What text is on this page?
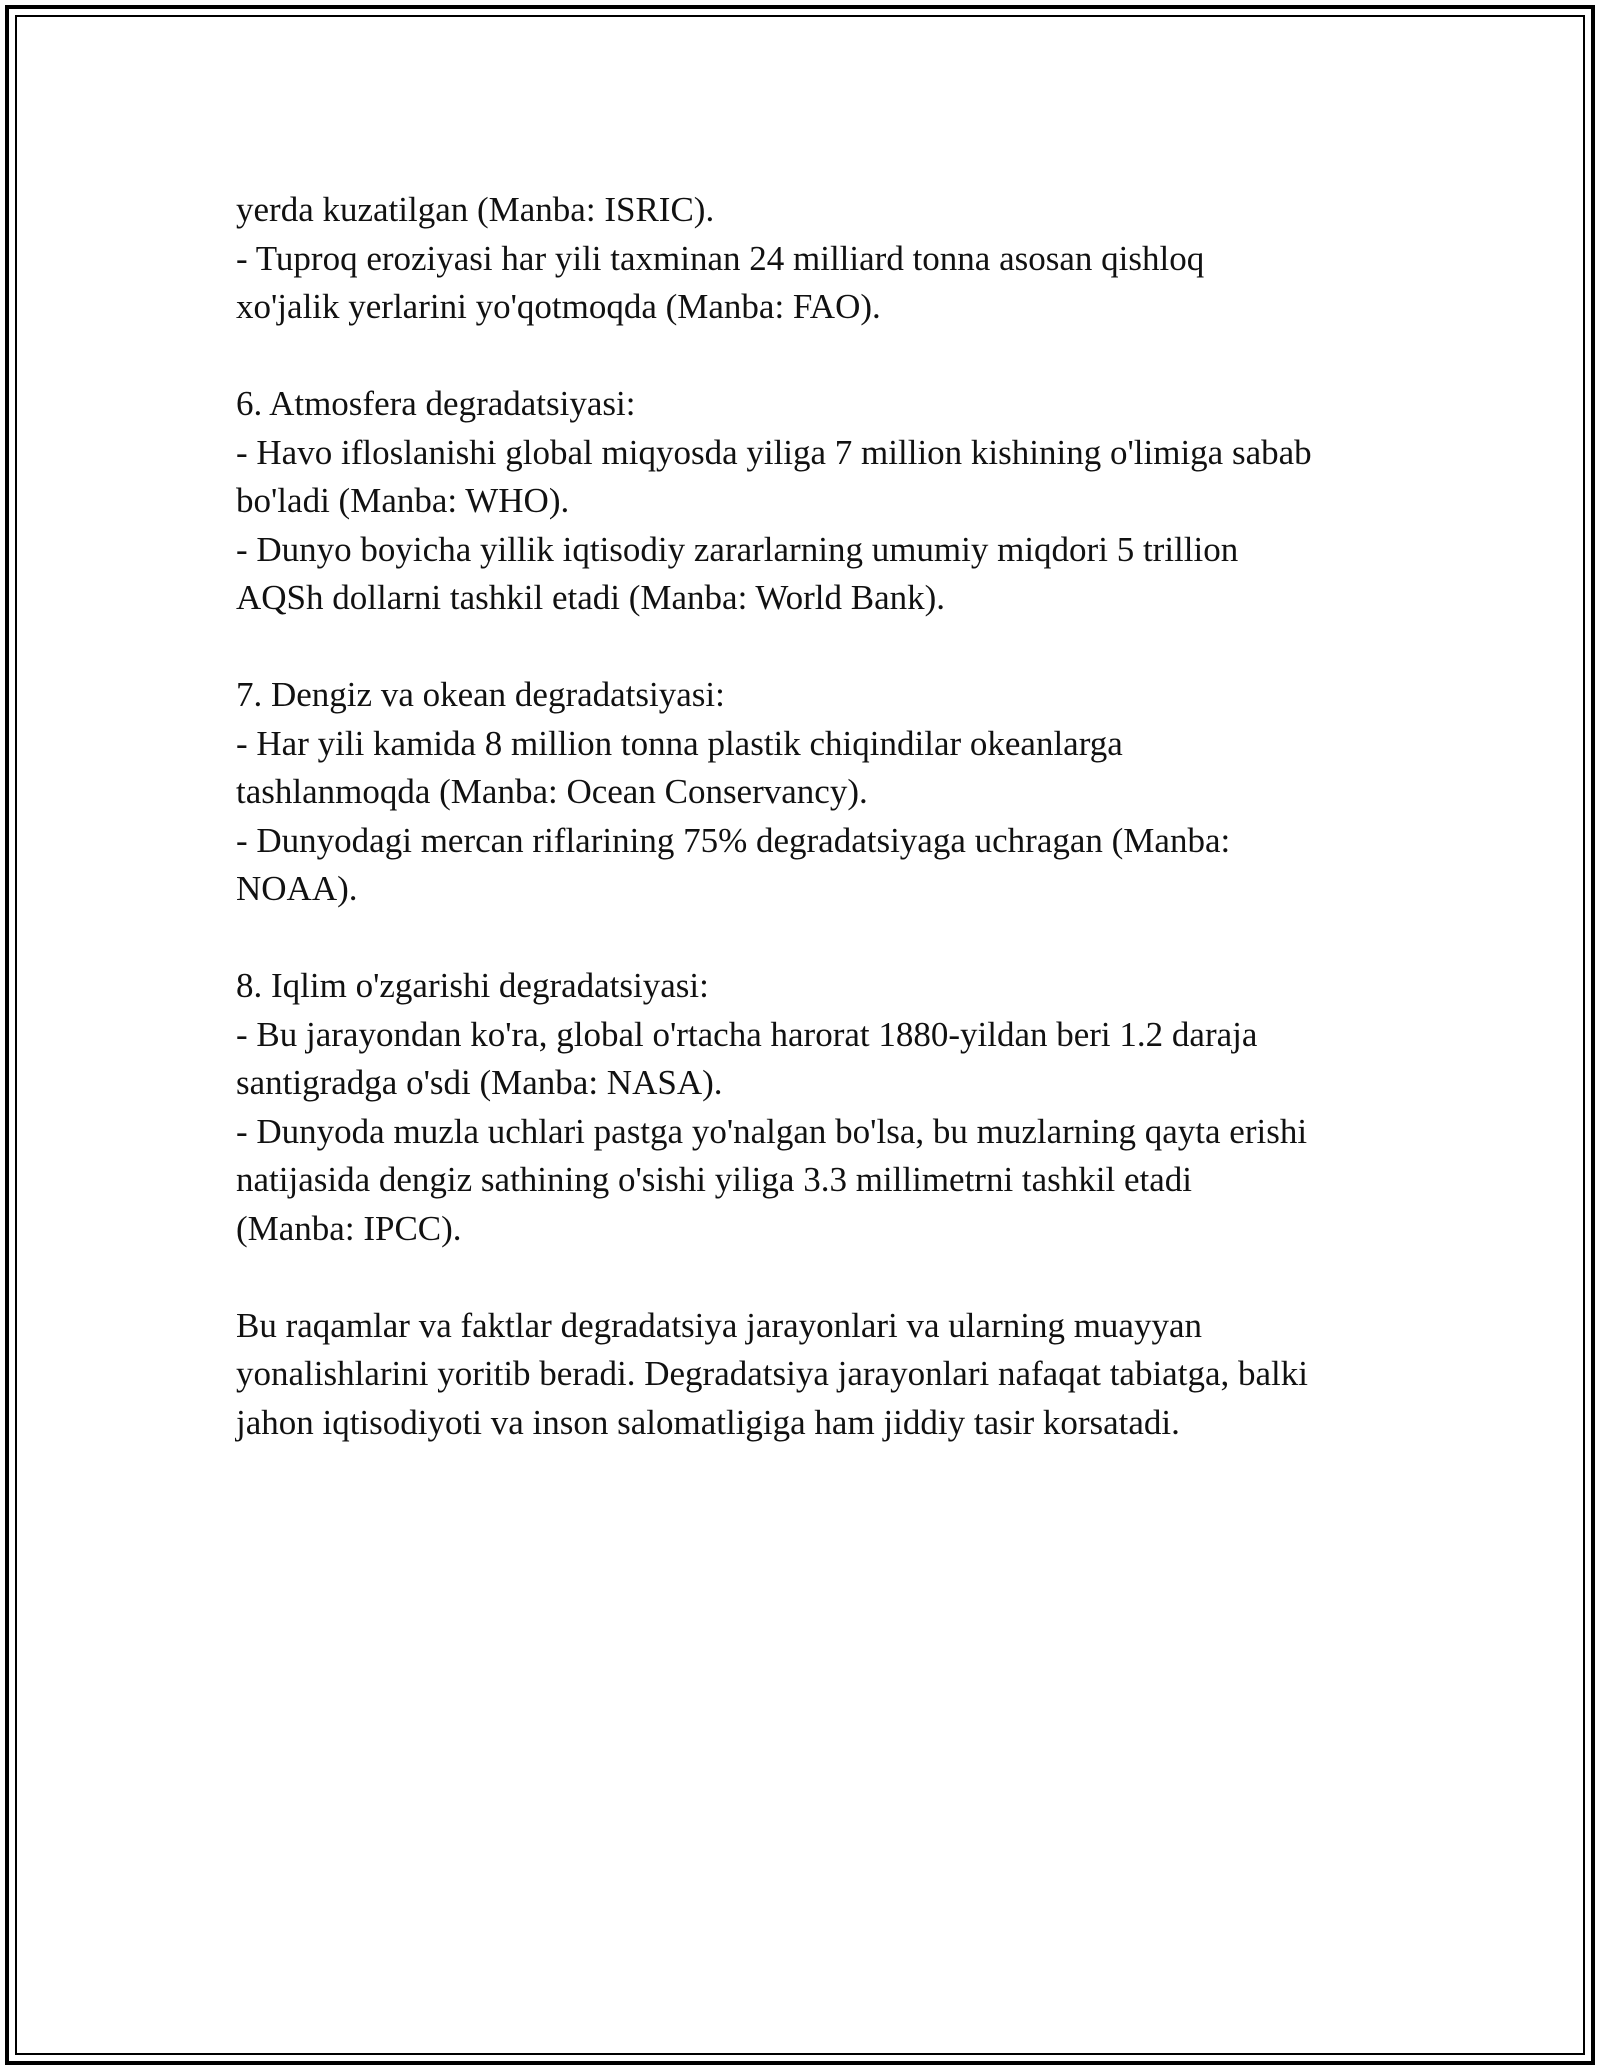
yerda kuzatilgan (Manba: ISRIC).
- Tuproq eroziyasi har yili taxminan 24 milliard tonna asosan qishloq
xo'jalik yerlarini yo'qotmoqda (Manba: FAO).
6. Atmosfera degradatsiyasi:
- Havo ifloslanishi global miqyosda yiliga 7 million kishining o'limiga sabab
bo'ladi (Manba: WHO).
- Dunyo boyicha yillik iqtisodiy zararlarning umumiy miqdori 5 trillion
AQSh dollarni tashkil etadi (Manba: World Bank).
7. Dengiz va okean degradatsiyasi:
- Har yili kamida 8 million tonna plastik chiqindilar okeanlarga
tashlanmoqda (Manba: Ocean Conservancy).
- Dunyodagi mercan riflarining 75% degradatsiyaga uchragan (Manba:
NOAA).
8. Iqlim o'zgarishi degradatsiyasi:
- Bu jarayondan ko'ra, global o'rtacha harorat 1880-yildan beri 1.2 daraja
santigradga o'sdi (Manba: NASA).
- Dunyoda muzla uchlari pastga yo'nalgan bo'lsa, bu muzlarning qayta erishi
natijasida dengiz sathining o'sishi yiliga 3.3 millimetrni tashkil etadi
(Manba: IPCC).
Bu raqamlar va faktlar degradatsiya jarayonlari va ularning muayyan
yonalishlarini yoritib beradi. Degradatsiya jarayonlari nafaqat tabiatga, balki
jahon iqtisodiyoti va inson salomatligiga ham jiddiy tasir korsatadi.
